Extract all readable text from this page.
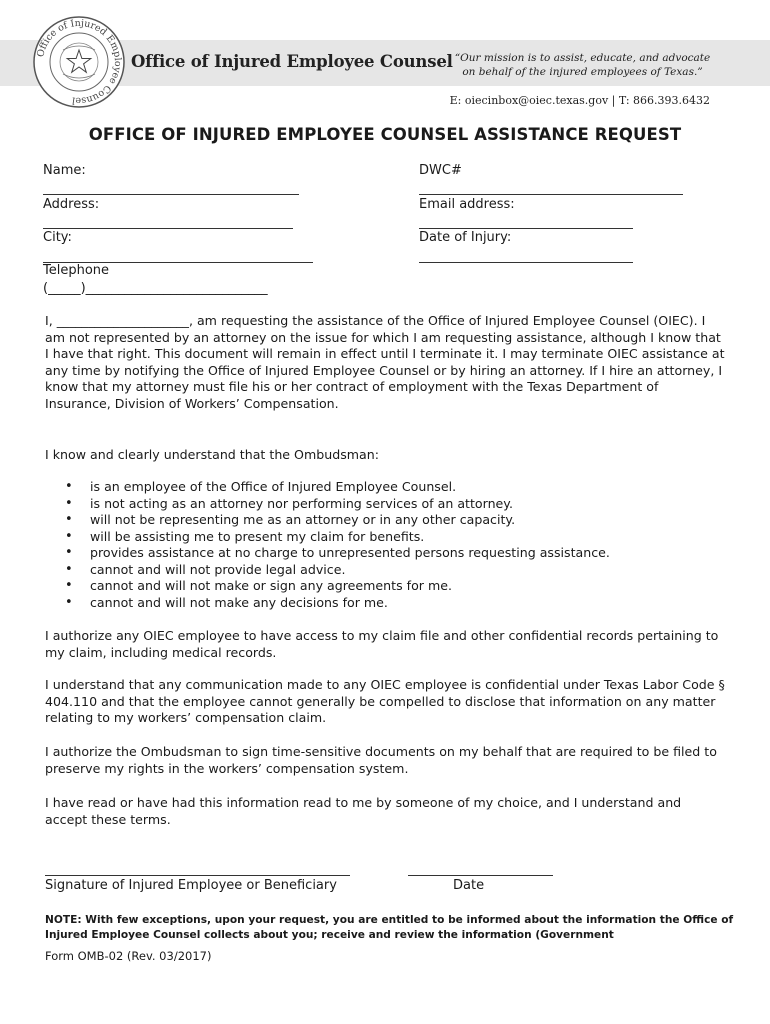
Office of Injured Employee Counsel
Office of Injured Employee Counsel “Our mission is to assist, educate, and advocate
on behalf of the injured employees of Texas.”
E: oiecinbox@oiec.texas.gov | T: 866.393.6432
OFFICE OF INJURED EMPLOYEE COUNSEL ASSISTANCE REQUEST
Name:
Address:
City:
Telephone
(_____)____________________________
DWC#
Email address:
Date of Injury:
I, _____________________, am requesting the assistance of the Office of Injured Employee Counsel (OIEC). I am not represented by an attorney on the issue for which I am requesting assistance, although I know that I have that right. This document will remain in effect until I terminate it. I may terminate OIEC assistance at any time by notifying the Office of Injured Employee Counsel or by hiring an attorney. If I hire an attorney, I know that my attorney must file his or her contract of employment with the Texas Department of Insurance, Division of Workers’ Compensation.
I know and clearly understand that the Ombudsman:
• is an employee of the Office of Injured Employee Counsel.
• is not acting as an attorney nor performing services of an attorney.
• will not be representing me as an attorney or in any other capacity.
• will be assisting me to present my claim for benefits.
• provides assistance at no charge to unrepresented persons requesting assistance.
• cannot and will not provide legal advice.
• cannot and will not make or sign any agreements for me.
• cannot and will not make any decisions for me.
I authorize any OIEC employee to have access to my claim file and other confidential records pertaining to my claim, including medical records.
I understand that any communication made to any OIEC employee is confidential under Texas Labor Code § 404.110 and that the employee cannot generally be compelled to disclose that information on any matter relating to my workers’ compensation claim.
I authorize the Ombudsman to sign time-sensitive documents on my behalf that are required to be filed to preserve my rights in the workers’ compensation system.
I have read or have had this information read to me by someone of my choice, and I understand and accept these terms.
Signature of Injured Employee or Beneficiary	Date
NOTE: With few exceptions, upon your request, you are entitled to be informed about the information the Office of Injured Employee Counsel collects about you; receive and review the information (Government
Form OMB-02 (Rev. 03/2017)
